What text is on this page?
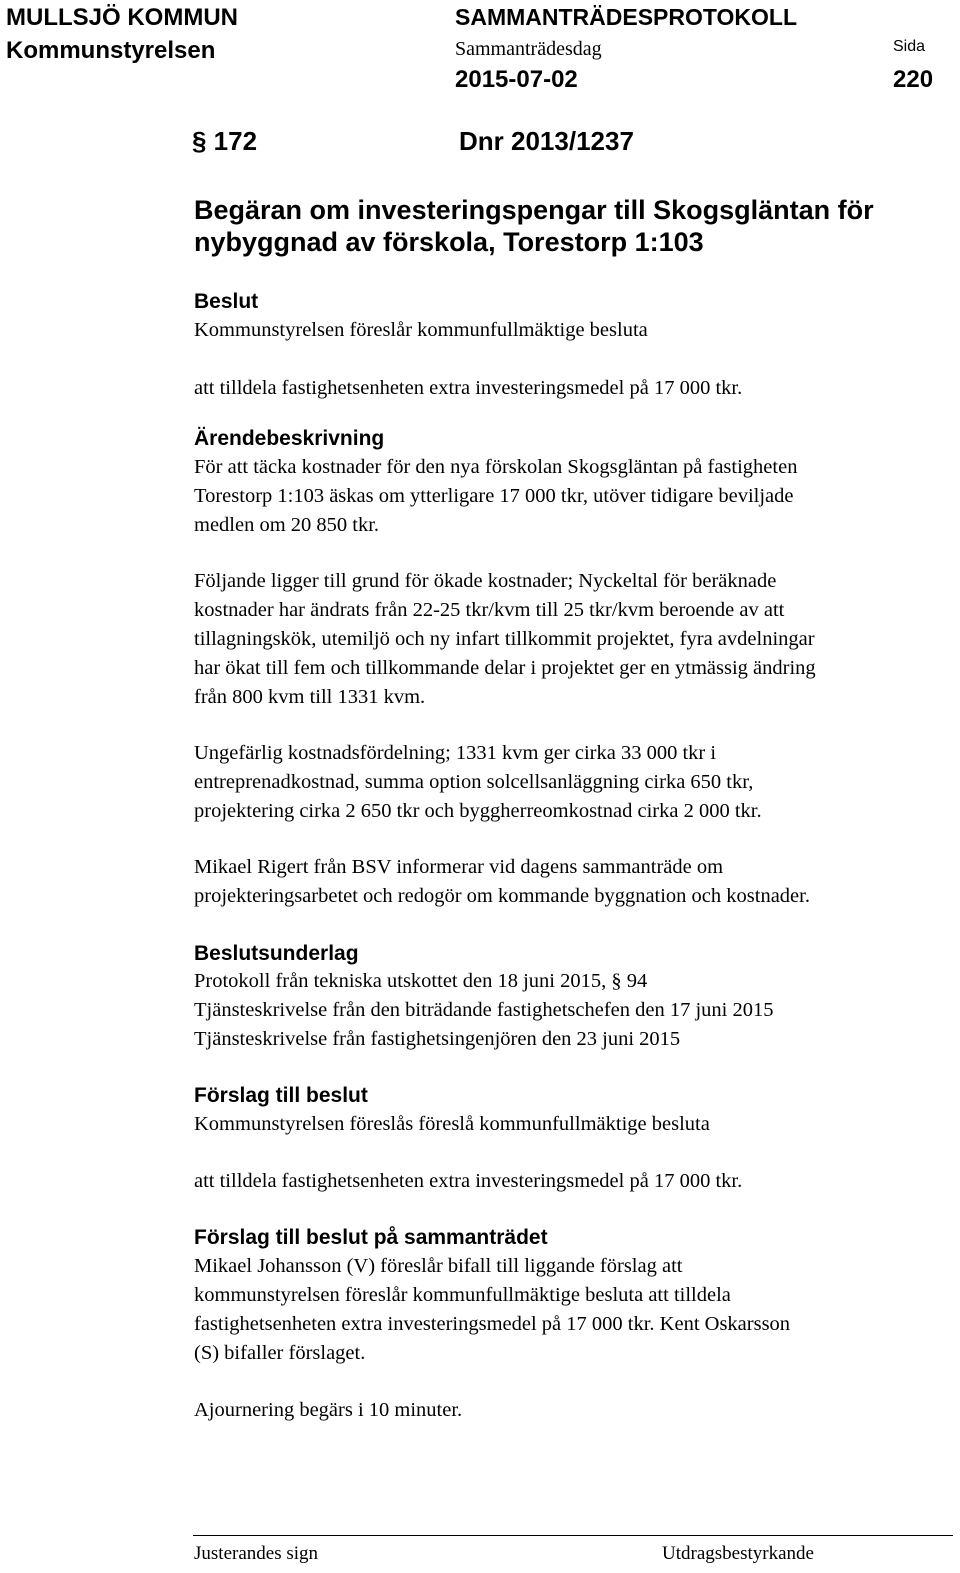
MULLSJÖ KOMMUN
Kommunstyrelsen
SAMMANTRÄDESPROTOKOLL
Sammanträdesdag
2015-07-02
Sida
220
§ 172	Dnr 2013/1237
Begäran om investeringspengar till Skogsgläntan för
nybyggnad av förskola, Torestorp 1:103
Beslut
Kommunstyrelsen föreslår kommunfullmäktige besluta
att tilldela fastighetsenheten extra investeringsmedel på 17 000 tkr.
Ärendebeskrivning
För att täcka kostnader för den nya förskolan Skogsgläntan på fastigheten
Torestorp 1:103 äskas om ytterligare 17 000 tkr, utöver tidigare beviljade
medlen om 20 850 tkr.
Följande ligger till grund för ökade kostnader; Nyckeltal för beräknade
kostnader har ändrats från 22-25 tkr/kvm till 25 tkr/kvm beroende av att
tillagningskök, utemiljö och ny infart tillkommit projektet, fyra avdelningar
har ökat till fem och tillkommande delar i projektet ger en ytmässig ändring
från 800 kvm till 1331 kvm.
Ungefärlig kostnadsfördelning; 1331 kvm ger cirka 33 000 tkr i
entreprenadkostnad, summa option solcellsanläggning cirka 650 tkr,
projektering cirka 2 650 tkr och byggherreomkostnad cirka 2 000 tkr.
Mikael Rigert från BSV informerar vid dagens sammanträde om
projekteringsarbetet och redogör om kommande byggnation och kostnader.
Beslutsunderlag
Protokoll från tekniska utskottet den 18 juni 2015, § 94
Tjänsteskrivelse från den biträdande fastighetschefen den 17 juni 2015
Tjänsteskrivelse från fastighetsingenjören den 23 juni 2015
Förslag till beslut
Kommunstyrelsen föreslås föreslå kommunfullmäktige besluta
att tilldela fastighetsenheten extra investeringsmedel på 17 000 tkr.
Förslag till beslut på sammanträdet
Mikael Johansson (V) föreslår bifall till liggande förslag att
kommunstyrelsen föreslår kommunfullmäktige besluta att tilldela
fastighetsenheten extra investeringsmedel på 17 000 tkr. Kent Oskarsson
(S) bifaller förslaget.
Ajournering begärs i 10 minuter.
Justerandes sign	Utdragsbestyrkande
